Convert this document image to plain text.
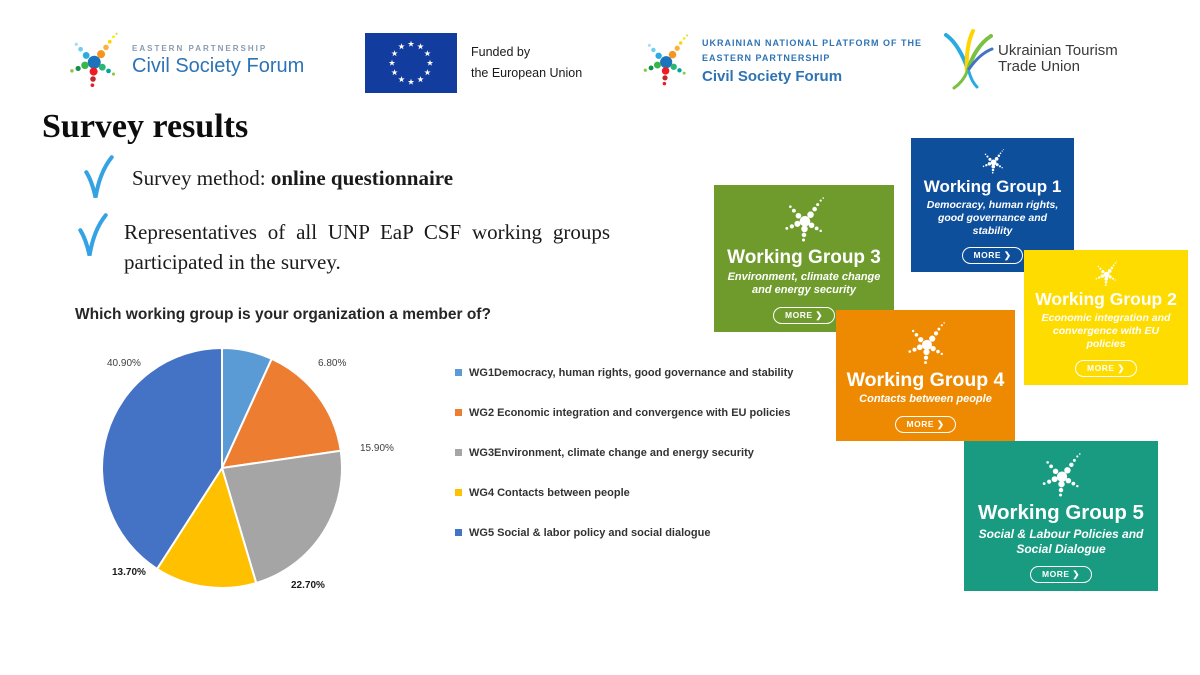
EASTERN PARTNERSHIP
Civil Society Forum
Funded by
the European Union
UKRAINIAN NATIONAL PLATFORM OF THE
EASTERN PARTNERSHIP
Civil Society Forum
Ukrainian Tourism
Trade Union
Survey results
Survey method: online questionnaire
Representatives of all UNP EaP CSF working groups participated in the survey.
Which working group is your organization a member of?
6.80%
15.90%
22.70%
13.70%
40.90%
WG1Democracy, human rights, good governance and stability
WG2 Economic integration and convergence with EU policies
WG3Environment, climate change and energy security
WG4 Contacts between people
WG5 Social & labor policy and social dialogue
Working Group 3
Environment, climate change and energy security
MORE ❯
Working Group 1
Democracy, human rights, good governance and stability
MORE ❯
Working Group 2
Economic integration and convergence with EU policies
MORE ❯
Working Group 4
Contacts between people
MORE ❯
Working Group 5
Social & Labour Policies and Social Dialogue
MORE ❯
